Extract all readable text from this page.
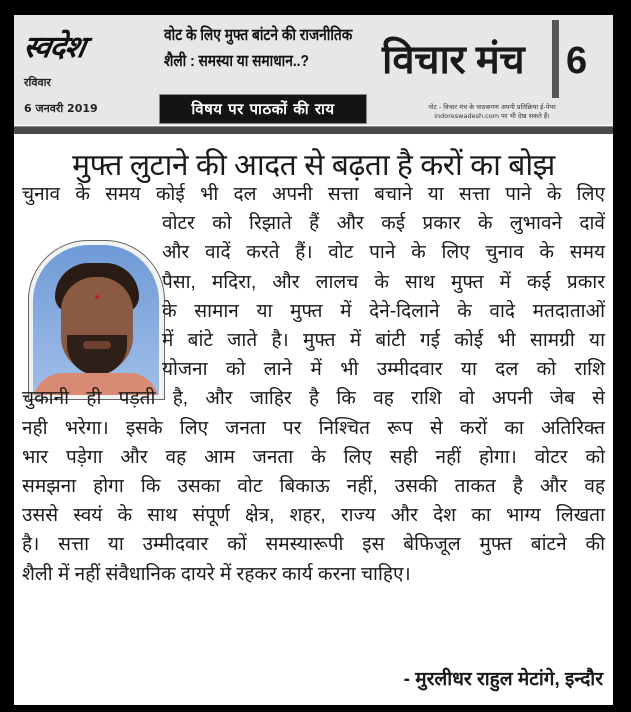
स्वदेश
रविवार
6 जनवरी 2019
वोट के लिए मुफ्त बांटने की राजनीतिक
शैली : समस्या या समाधान..?
विषय पर पाठकों की राय
विचार मंच 6
नोट - विचार मंच के पाठकगण अपनी प्रतिक्रिया ई-पेपर
indoreswadesh.com पर भी देख सकते हैं।
मुफ्त लुटाने की आदत से बढ़ता है करों का बोझ
चुनाव के समय कोई भी दल अपनी सत्ता बचाने या सत्ता पाने के लिए
वोटर को रिझाते हैं और कई प्रकार के लुभावने दावें
और वादें करते हैं। वोट पाने के लिए चुनाव के समय
पैसा, मदिरा, और लालच के साथ मुफ्त में कई प्रकार
के सामान या मुफ्त में देने-दिलाने के वादे मतदाताओं
में बांटे जाते है। मुफ्त में बांटी गई कोई भी सामग्री या
योजना को लाने में भी उम्मीदवार या दल को राशि
चुकानी ही पड़ती है, और जाहिर है कि वह राशि वो अपनी जेब से
नही भरेगा। इसके लिए जनता पर निश्चित रूप से करों का अतिरिक्त
भार पड़ेगा और वह आम जनता के लिए सही नहीं होगा। वोटर को
समझना होगा कि उसका वोट बिकाऊ नहीं, उसकी ताकत है और वह
उससे स्वयं के साथ संपूर्ण क्षेत्र, शहर, राज्य और देश का भाग्य लिखता
है। सत्ता या उम्मीदवार कों समस्यारूपी इस बेफिजूल मुफ्त बांटने की
शैली में नहीं संवैधानिक दायरे में रहकर कार्य करना चाहिए।
- मुरलीधर राहुल मेटांगे, इन्दौर
